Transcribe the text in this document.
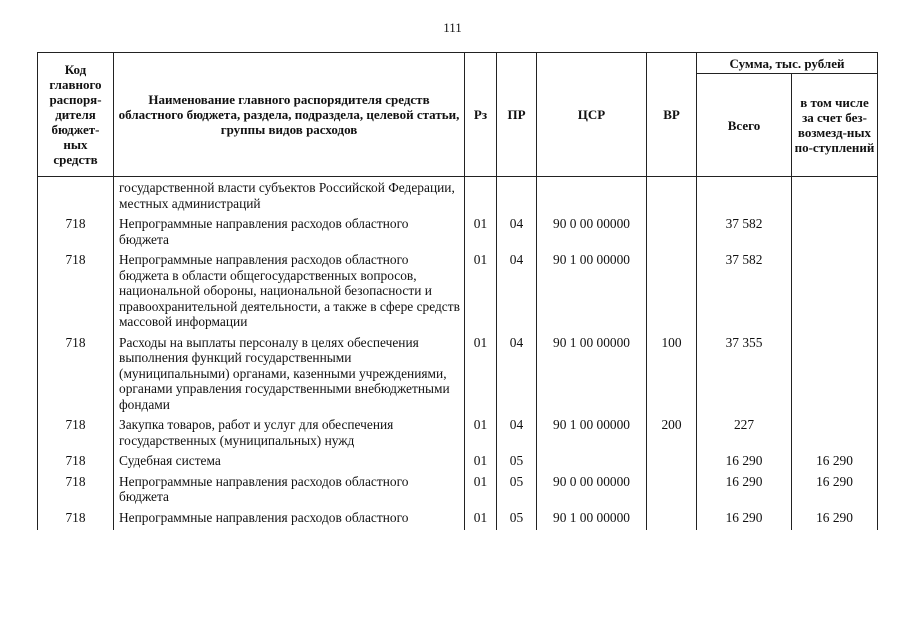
111
Код главного распоря-дителя бюджет-ных средств	Наименование главного распорядителя средств областного бюджета, раздела, подраздела, целевой статьи, группы видов расходов	Рз	ПР	ЦСР	ВР	Сумма, тыс. рублей	
						Всего	в том числе за счет без-возмезд-ных по-ступлений
	государственной власти субъектов Российской Федерации, местных администраций						
718	Непрограммные направления расходов областного бюджета	01	04	90 0 00 00000		37 582	
718	Непрограммные направления расходов областного бюджета в области общегосударственных вопросов, национальной обороны, национальной безопасности и правоохранительной деятельности, а также в сфере средств массовой информации	01	04	90 1 00 00000		37 582	
718	Расходы на выплаты персоналу в целях обеспечения выполнения функций государственными (муниципальными) органами, казенными учреждениями, органами управления государственными внебюджетными фондами	01	04	90 1 00 00000	100	37 355	
718	Закупка товаров, работ и услуг для обеспечения государственных (муниципальных) нужд	01	04	90 1 00 00000	200	227	
718	Судебная система	01	05			16 290	16 290
718	Непрограммные направления расходов областного бюджета	01	05	90 0 00 00000		16 290	16 290
718	Непрограммные направления расходов областного	01	05	90 1 00 00000		16 290	16 290
